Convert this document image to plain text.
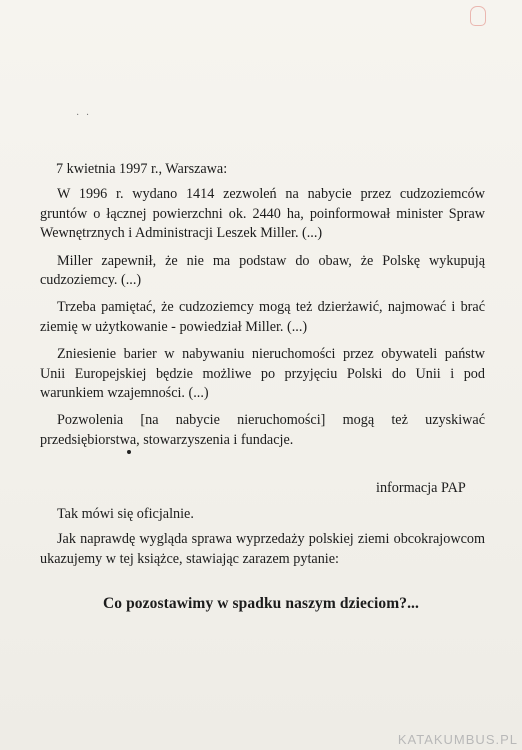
· ·

7 kwietnia 1997 r., Warszawa:

W 1996 r. wydano 1414 zezwoleń na nabycie przez cudzoziemców gruntów o łącznej powierzchni ok. 2440 ha, poinformował minister Spraw Wewnętrznych i Administracji Leszek Miller. (...)

Miller zapewnił, że nie ma podstaw do obaw, że Polskę wykupują cudzoziemcy. (...)

Trzeba pamiętać, że cudzoziemcy mogą też dzierżawić, najmować i brać ziemię w użytkowanie - powiedział Miller. (...)

Zniesienie barier w nabywaniu nieruchomości przez obywateli państw Unii Europejskiej będzie możliwe po przyjęciu Polski do Unii i pod warunkiem wzajemności. (...)

Pozwolenia [na nabycie nieruchomości] mogą też uzyskiwać przedsiębiorstwa, stowarzyszenia i fundacje.

informacja PAP

Tak mówi się oficjalnie.

Jak naprawdę wygląda sprawa wyprzedaży polskiej ziemi obcokrajowcom ukazujemy w tej książce, stawiając zarazem pytanie:

Co pozostawimy w spadku naszym dzieciom?...
KATAKUMBUS.PL
